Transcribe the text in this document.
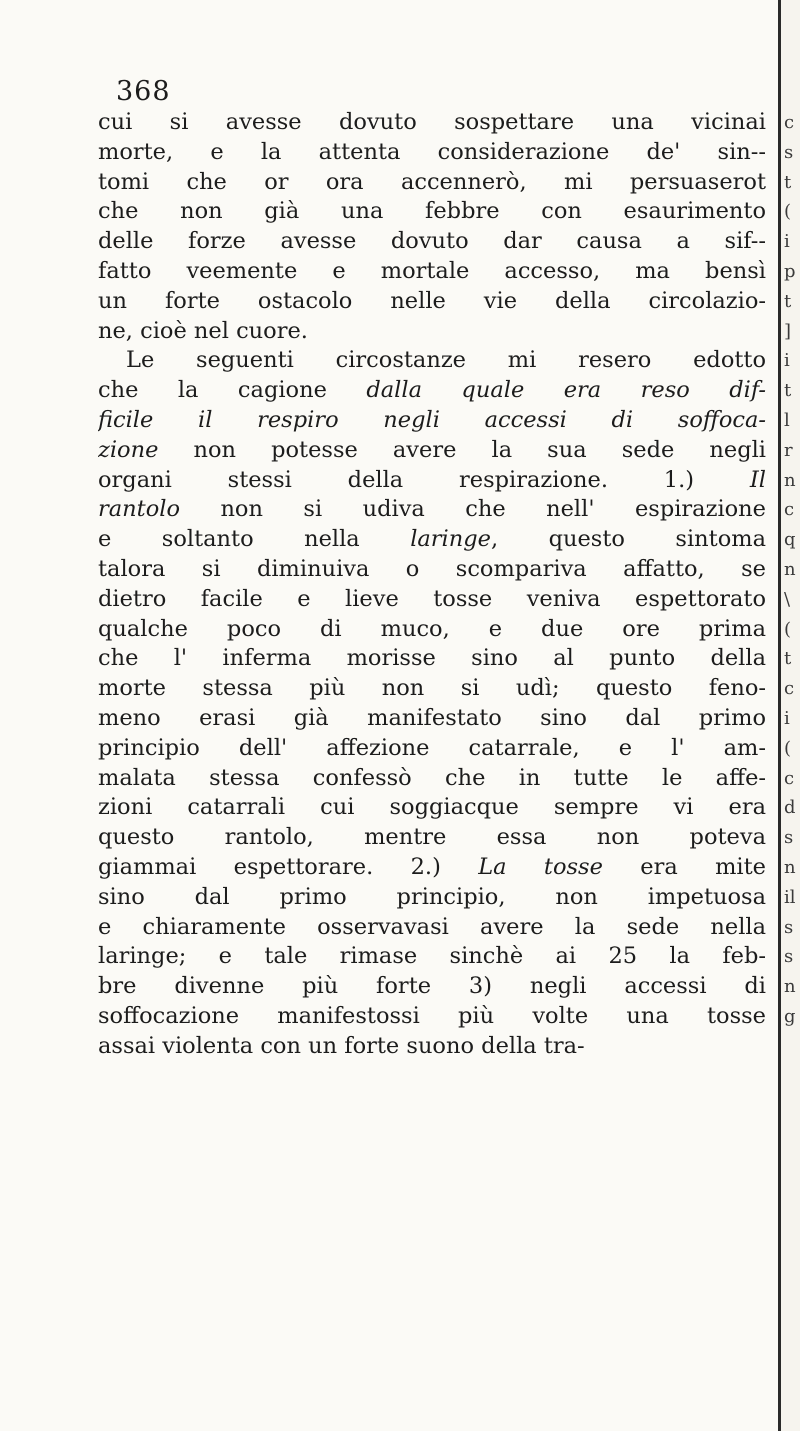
368
cui si avesse dovuto sospettare una vicinai
morte, e la attenta considerazione de' sin--
tomi che or ora accennerò, mi persuaserot
che non già una febbre con esaurimento
delle forze avesse dovuto dar causa a sif--
fatto veemente e mortale accesso, ma bensì
un forte ostacolo nelle vie della circolazio-
ne, cioè nel cuore.
Le seguenti circostanze mi resero edotto
che la cagione dalla quale era reso dif-
ficile il respiro negli accessi di soffoca-
zione non potesse avere la sua sede negli
organi stessi della respirazione. 1.) Il
rantolo non si udiva che nell' espirazione
e soltanto nella laringe, questo sintoma
talora si diminuiva o scompariva affatto, se
dietro facile e lieve tosse veniva espettorato
qualche poco di muco, e due ore prima
che l' inferma morisse sino al punto della
morte stessa più non si udì; questo feno-
meno erasi già manifestato sino dal primo
principio dell' affezione catarrale, e l' am-
malata stessa confessò che in tutte le affe-
zioni catarrali cui soggiacque sempre vi era
questo rantolo, mentre essa non poteva
giammai espettorare. 2.) La tosse era mite
sino dal primo principio, non impetuosa
e chiaramente osservavasi avere la sede nella
laringe; e tale rimase sinchè ai 25 la feb-
bre divenne più forte 3) negli accessi di
soffocazione manifestossi più volte una tosse
assai violenta con un forte suono della tra-
c
s
t
(
i
p
t
]
i
t
l
r
n
c
q
n
\
(
t
c
i
(
c
d
s
n
il
s
s
n
g
